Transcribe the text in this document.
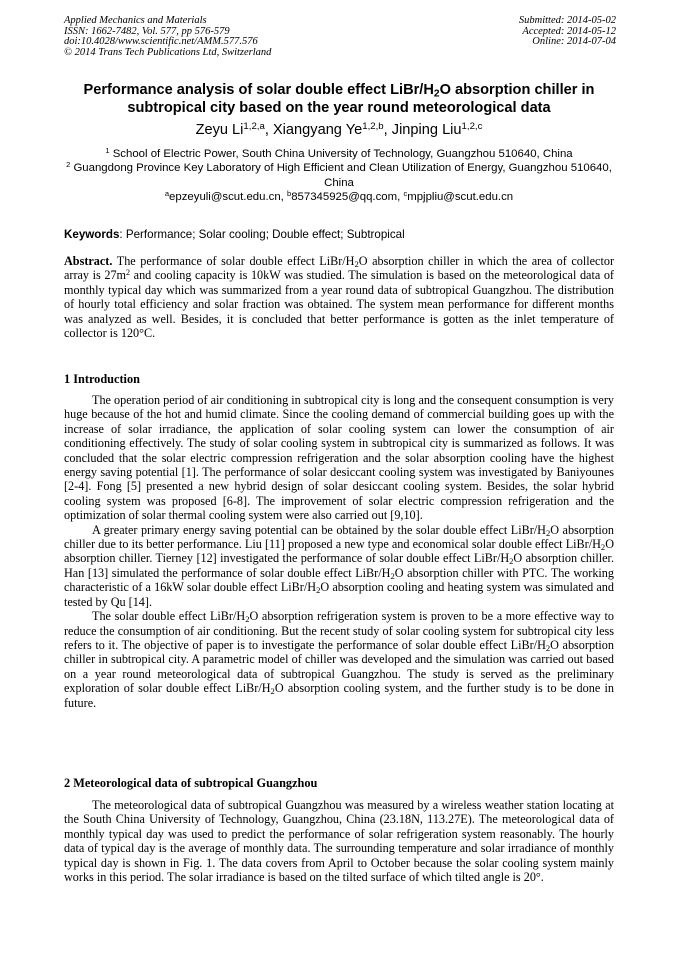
Applied Mechanics and Materials
ISSN: 1662-7482, Vol. 577, pp 576-579
doi:10.4028/www.scientific.net/AMM.577.576
© 2014 Trans Tech Publications Ltd, Switzerland
Submitted: 2014-05-02
Accepted: 2014-05-12
Online: 2014-07-04
Performance analysis of solar double effect LiBr/$H_2O$ absorption chiller in subtropical city based on the year round meteorological data
Zeyu Li$^{1,2,a}$, Xiangyang Ye$^{1,2,b}$, Jinping Liu$^{1,2,c}$
$^1$ School of Electric Power, South China University of Technology, Guangzhou 510640, China
$^2$ Guangdong Province Key Laboratory of High Efficient and Clean Utilization of Energy, Guangzhou 510640, China
$^a$epzeyuli@scut.edu.cn, $^b$857345925@qq.com, $^c$mpjpliu@scut.edu.cn
Keywords: Performance; Solar cooling; Double effect; Subtropical
Abstract. The performance of solar double effect LiBr/$H_2O$ absorption chiller in which the area of collector array is $27m^2$ and cooling capacity is 10kW was studied. The simulation is based on the meteorological data of monthly typical day which was summarized from a year round data of subtropical Guangzhou. The distribution of hourly total efficiency and solar fraction was obtained. The system mean performance for different months was analyzed as well. Besides, it is concluded that better performance is gotten as the inlet temperature of collector is 120°C.
1 Introduction

The operation period of air conditioning in subtropical city is long and the consequent consumption is very huge because of the hot and humid climate. Since the cooling demand of commercial building goes up with the increase of solar irradiance, the application of solar cooling system can lower the consumption of air conditioning effectively. The study of solar cooling system in subtropical city is summarized as follows. It was concluded that the solar electric compression refrigeration and the solar absorption cooling have the highest energy saving potential [1]. The performance of solar desiccant cooling system was investigated by Baniyounes [2-4]. Fong [5] presented a new hybrid design of solar desiccant cooling system. Besides, the solar hybrid cooling system was proposed [6-8]. The improvement of solar electric compression refrigeration and the optimization of solar thermal cooling system were also carried out [9,10].

A greater primary energy saving potential can be obtained by the solar double effect LiBr/$H_2O$ absorption chiller due to its better performance. Liu [11] proposed a new type and economical solar double effect LiBr/$H_2O$ absorption chiller. Tierney [12] investigated the performance of solar double effect LiBr/$H_2O$ absorption chiller. Han [13] simulated the performance of solar double effect LiBr/$H_2O$ absorption chiller with PTC. The working characteristic of a 16kW solar double effect LiBr/$H_2O$ absorption cooling and heating system was simulated and tested by Qu [14].

The solar double effect LiBr/$H_2O$ absorption refrigeration system is proven to be a more effective way to reduce the consumption of air conditioning. But the recent study of solar cooling system for subtropical city less refers to it. The objective of paper is to investigate the performance of solar double effect LiBr/$H_2O$ absorption chiller in subtropical city. A parametric model of chiller was developed and the simulation was carried out based on a year round meteorological data of subtropical Guangzhou. The study is served as the preliminary exploration of solar double effect LiBr/$H_2O$ absorption cooling system, and the further study is to be done in future.

2 Meteorological data of subtropical Guangzhou

The meteorological data of subtropical Guangzhou was measured by a wireless weather station locating at the South China University of Technology, Guangzhou, China (23.18N, 113.27E). The meteorological data of monthly typical day was used to predict the performance of solar refrigeration system reasonably. The hourly data of typical day is the average of monthly data. The surrounding temperature and solar irradiance of monthly typical day is shown in Fig. 1. The data covers from April to October because the solar cooling system mainly works in this period. The solar irradiance is based on the tilted surface of which tilted angle is 20°.
